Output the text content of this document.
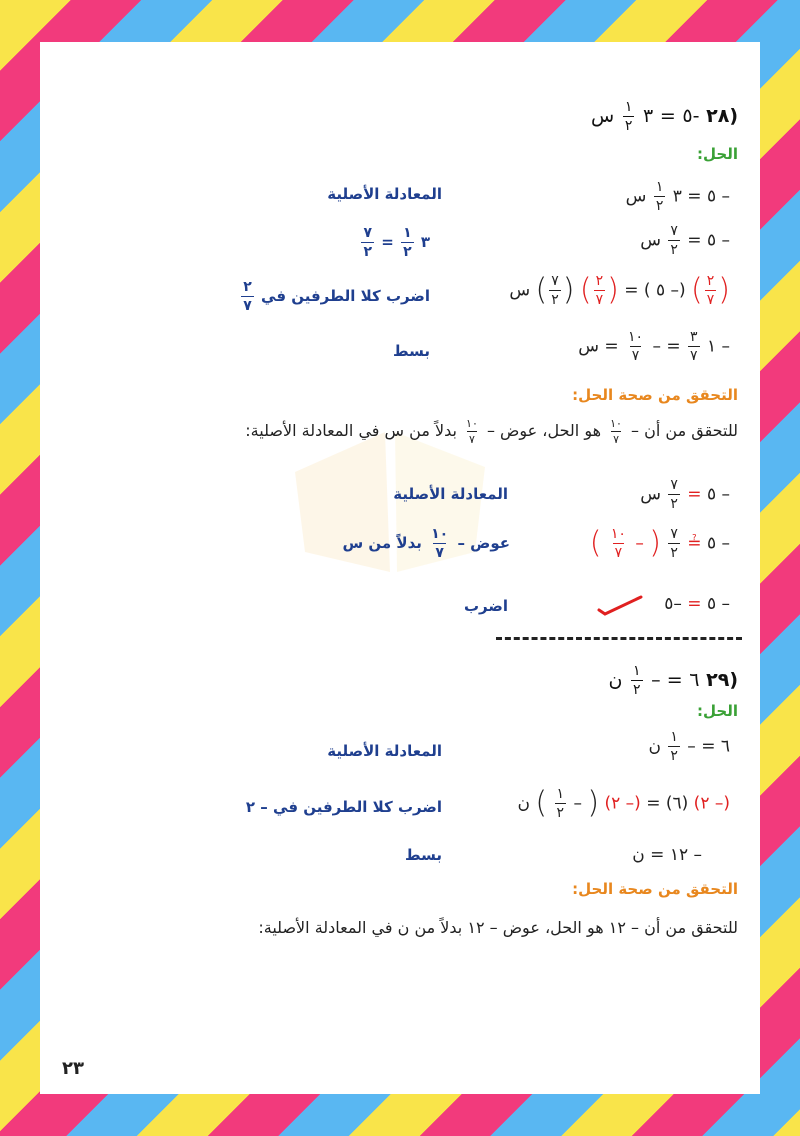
(٢٨ -٥ = ٣
$\frac{١}{٢}$
س
الحل:
– ٥ = ٣
$\frac{١}{٢}$
س
المعادلة الأصلية
– ٥ =
$\frac{٧}{٢}$
س
٣
$\frac{١}{٢}$
=
$\frac{٧}{٢}$
(
$\frac{٢}{٧}$
) (– ٥ ) = (
$\frac{٢}{٧}$
) (
$\frac{٧}{٢}$
) س
اضرب كلا الطرفين في
$\frac{٢}{٧}$
– ١
$\frac{٣}{٧}$
= –
$\frac{١٠}{٧}$
= س
بسط
التحقق من صحة الحل:
للتحقق من أن –
$\frac{١٠}{٧}$
هو الحل، عوض –
$\frac{١٠}{٧}$
بدلاً من س في المعادلة الأصلية:
– ٥ =
$\frac{٧}{٢}$
س
المعادلة الأصلية
– ٥ ≟
$\frac{٧}{٢}$
( –
$\frac{١٠}{٧}$
)
عوض –
$\frac{١٠}{٧}$
بدلاً من س
– ٥ = –٥
اضرب
(٢٩ ٦ = –
$\frac{١}{٢}$
ن
الحل:
٦ = –
$\frac{١}{٢}$
ن
المعادلة الأصلية
(– ٢) (٦) = (– ٢) ( –
$\frac{١}{٢}$
) ن
اضرب كلا الطرفين في – ٢
– ١٢ = ن
بسط
التحقق من صحة الحل:
للتحقق من أن – ١٢ هو الحل، عوض – ١٢ بدلاً من ن في المعادلة الأصلية:
٢٣
